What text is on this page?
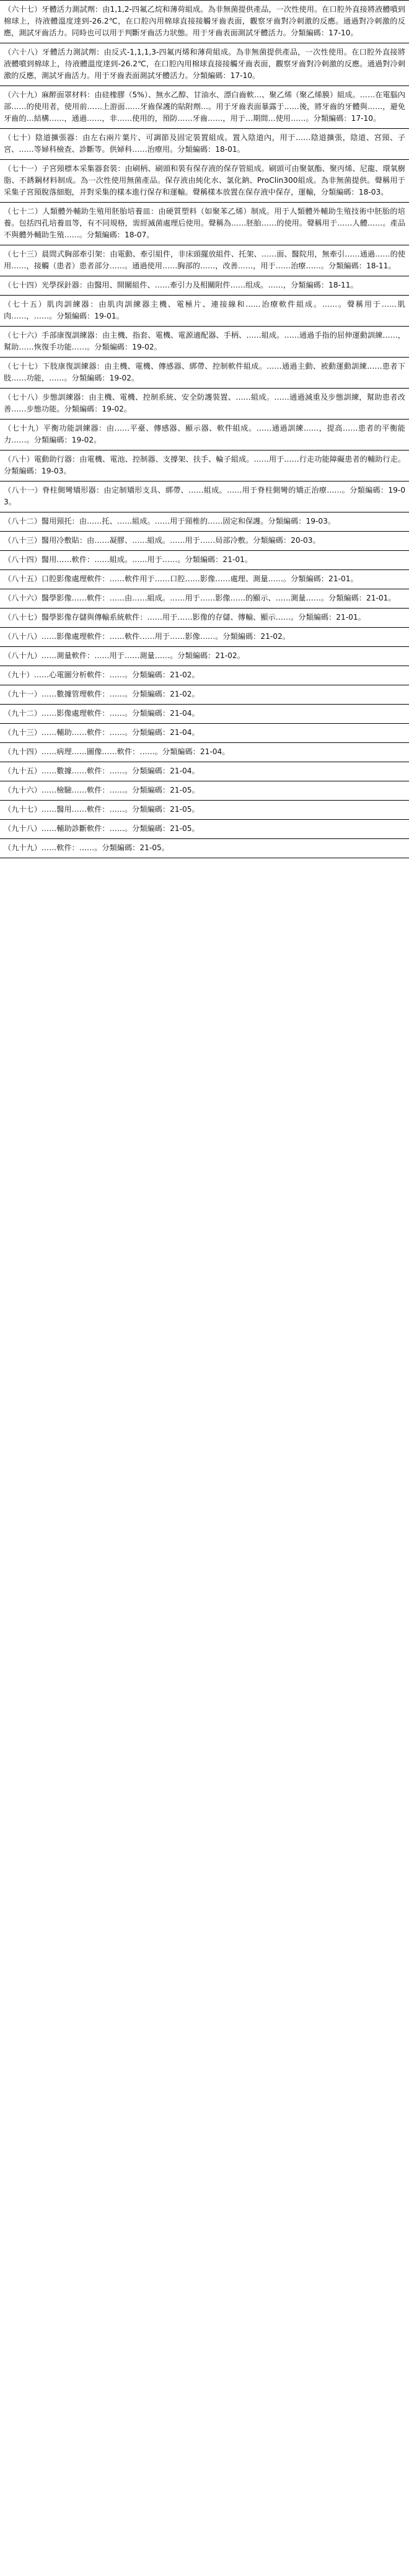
（六十七）牙體活力測試劑：由1,1,2-四氟乙烷和薄荷組成。為非無菌提供產品，一次性使用。在口腔外直接將液體噴到棉球上，待液體溫度達到-26.2℃，在口腔內用棉球直接接觸牙齒表面，觀察牙齒對冷刺激的反應。通過對冷刺激的反應，測試牙齒活力。同時也可以用于判斷牙齒活力狀態。用于牙齒表面測試牙體活力。分類編碼：17-10。
（六十八）牙體活力測試劑：由反式-1,1,1,3-四氟丙烯和薄荷組成。為非無菌提供產品，一次性使用。在口腔外直接將液體噴到棉球上，待液體溫度達到-26.2℃，在口腔內用棉球直接接觸牙齒表面，觀察牙齒對冷刺激的反應。通過對冷刺激的反應，測試牙齒活力。用于牙齒表面測試牙體活力。分類編碼：17-10。
（六十九）麻醉面罩材料：由硅橡膠（5%）、無水乙醇、甘油水、漂白齒軟…、聚乙烯（聚乙烯膜）組成。……在電腦內部……的使用者，使用前……上游面……牙齒保護的貼附劑…。用于牙齒表面暴露于……後，將牙齒的牙體與……，避免牙齒的…結構……，通過……，非……使用的，預防……牙齒……，用于…期間…使用……。分類編碼：17-10。
（七十）陰道擴張器：由左右兩片葉片、可調節及固定裝置組成。置入陰道內，用于……陰道擴張，陰道、宮頸、子宮、……等婦科檢查、診斷等。供婦科……治療用。分類編碼：18-01。
（七十一）子宮頸標本采集器套裝：由刷柄、刷頭和裝有保存液的保存管組成。刷頭可由聚氨酯、聚丙烯、尼龍、環氧樹脂、不銹鋼材料制成。為一次性使用無菌產品。保存液由純化水、氯化鈉、ProClin300組成。為非無菌提供。聲稱用于采集子宮頸脫落細胞，并對采集的樣本進行保存和運輸。聲稱樣本放置在保存液中保存，運輸，分類編碼：18-03。
（七十二）人類體外輔助生殖用胚胎培養皿：由硬質塑料（如聚苯乙烯）制成。用于人類體外輔助生殖技術中胚胎的培養。包括四孔培養皿等，有不同規格，需經滅菌處理后使用。聲稱為……胚胎……的使用。聲稱用于……人體……。產品不與體外輔助生殖……。分類編碼：18-07。
（七十三）晨間式胸部牽引架：由電動、牽引組件，非床頭擺放組件、托架、……面、醫院用，無牽引……通過……的使用……，接觸（患者）患者部分……。通過使用……胸部的……，改善……，用于……治療……。分類編碼：18-11。
（七十四）光學探針器：由醫用、開關組件、……牽引力及相關附件……组成。……，分類編碼：18-11。
（七十五）肌肉訓練器：由肌肉訓練器主機、電極片、連接線和……治療軟件組成。……。聲稱用于……肌肉……，……。分類編碼：19-01。
（七十六）手部康復訓練器：由主機、指套、電機、電源適配器、手柄、……組成。……通過手指的屈伸運動訓練……，幫助……恢復手功能……。分類編碼：19-02。
（七十七）下肢康復訓練器：由主機、電機、傳感器、綁帶、控制軟件組成。……通過主動、被動運動訓練……患者下肢……功能，……。分類編碼：19-02。
（七十八）步態訓練器：由主機、電機、控制系統、安全防護裝置、……組成。……通過減重及步態訓練，幫助患者改善……步態功能。分類編碼：19-02。
（七十九）平衡功能訓練器：由……平臺、傳感器、顯示器、軟件組成。……通過訓練……，提高……患者的平衡能力……。分類編碼：19-02。
（八十）電動助行器：由電機、電池、控制器、支撐架、扶手、輪子組成。……用于……行走功能障礙患者的輔助行走。分類編碼：19-03。
（八十一）脊柱側彎矯形器：由定制矯形支具、綁帶、……組成。……用于脊柱側彎的矯正治療……。分類編碼：19-03。
（八十二）醫用頸托：由……托、……組成。……用于頸椎的……固定和保護。分類編碼：19-03。
（八十三）醫用冷敷貼：由……凝膠、……組成。……用于……局部冷敷。分類編碼：20-03。
（八十四）醫用……軟件：……組成。……用于……。分類編碼：21-01。
（八十五）口腔影像處理軟件：……軟件用于……口腔……影像……處理、測量……。分類編碼：21-01。
（八十六）醫學影像……軟件：……由……組成。……用于……影像……的顯示、……測量……。分類編碼：21-01。
（八十七）醫學影像存儲與傳輸系統軟件：……用于……影像的存儲、傳輸、顯示……。分類編碼：21-01。
（八十八）……影像處理軟件：……軟件……用于……影像……。分類編碼：21-02。
（八十九）……測量軟件：……用于……測量……。分類編碼：21-02。
（九十）……心電圖分析軟件：……。分類編碼：21-02。
（九十一）……數據管理軟件：……。分類編碼：21-02。
（九十二）……影像處理軟件：……。分類編碼：21-04。
（九十三）……輔助……軟件：……。分類編碼：21-04。
（九十四）……病理……圖像……軟件：……。分類編碼：21-04。
（九十五）……數據……軟件：……。分類編碼：21-04。
（九十六）……檢驗……軟件：……。分類編碼：21-05。
（九十七）……醫用……軟件：……。分類編碼：21-05。
（九十八）……輔助診斷軟件：……。分類編碼：21-05。
（九十九）……軟件：……。分類編碼：21-05。
